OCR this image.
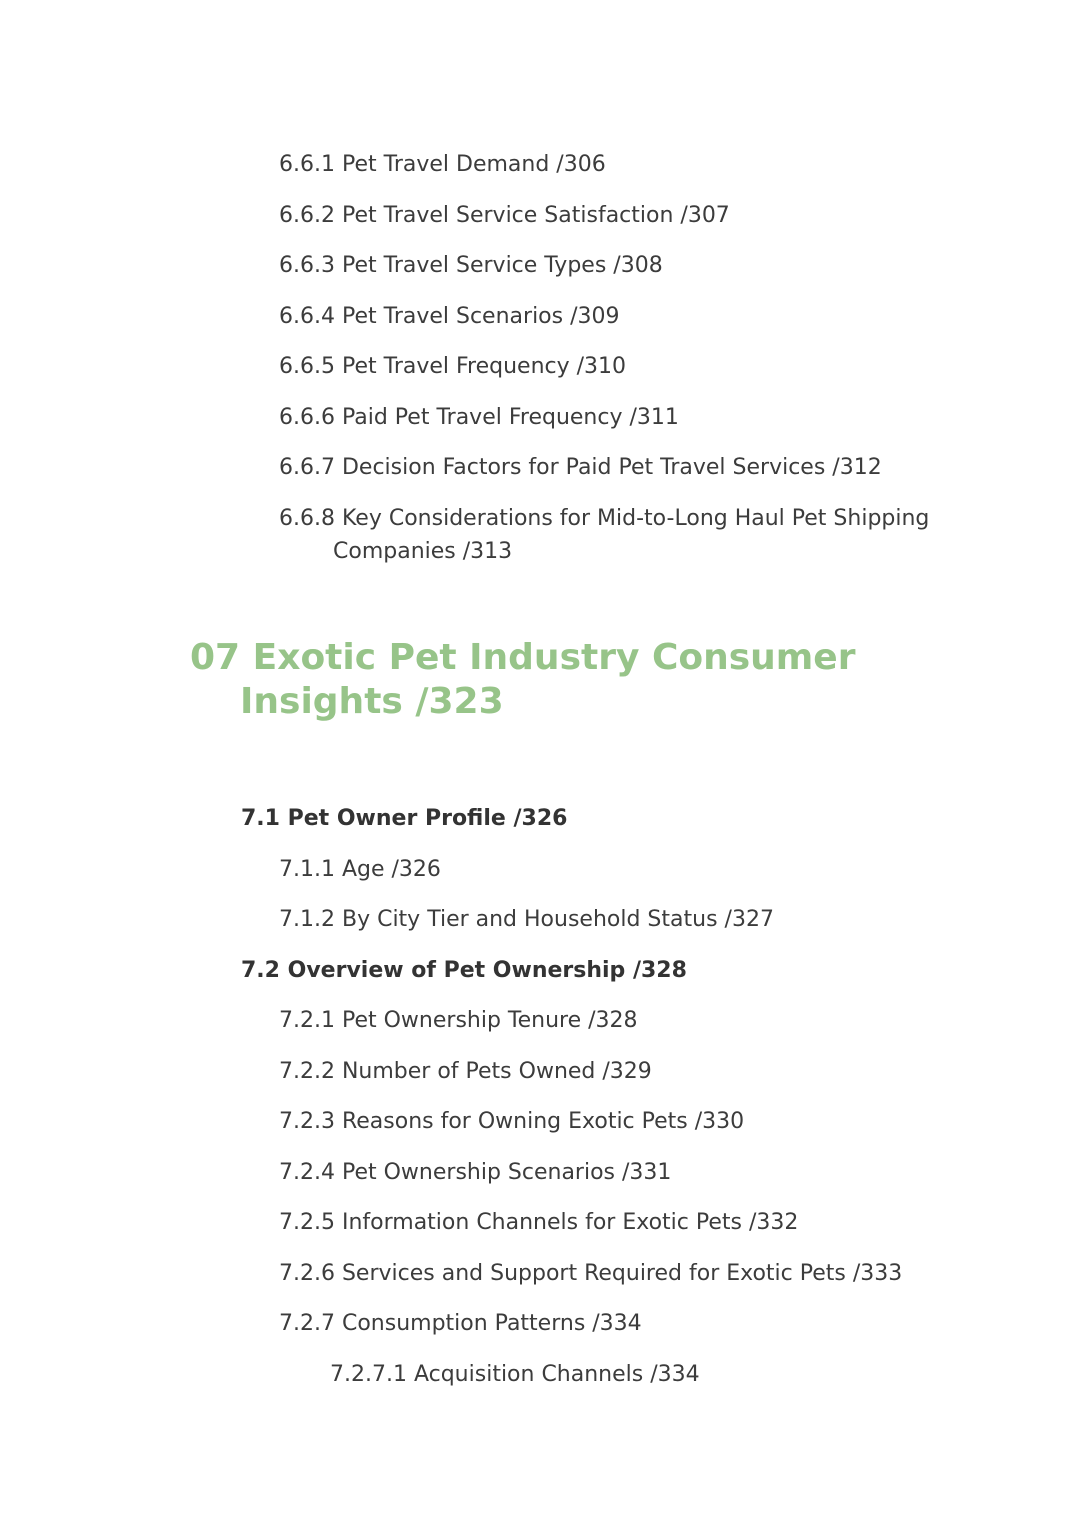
6.6.1 Pet Travel Demand /306
6.6.2 Pet Travel Service Satisfaction /307
6.6.3 Pet Travel Service Types /308
6.6.4 Pet Travel Scenarios /309
6.6.5 Pet Travel Frequency /310
6.6.6 Paid Pet Travel Frequency /311
6.6.7 Decision Factors for Paid Pet Travel Services /312
6.6.8 Key Considerations for Mid-to-Long Haul Pet Shipping
Companies /313
07 Exotic Pet Industry Consumer
Insights /323
7.1 Pet Owner Profile /326
7.1.1 Age /326
7.1.2 By City Tier and Household Status /327
7.2 Overview of Pet Ownership /328
7.2.1 Pet Ownership Tenure /328
7.2.2 Number of Pets Owned /329
7.2.3 Reasons for Owning Exotic Pets /330
7.2.4 Pet Ownership Scenarios /331
7.2.5 Information Channels for Exotic Pets /332
7.2.6 Services and Support Required for Exotic Pets /333
7.2.7 Consumption Patterns /334
7.2.7.1 Acquisition Channels /334
